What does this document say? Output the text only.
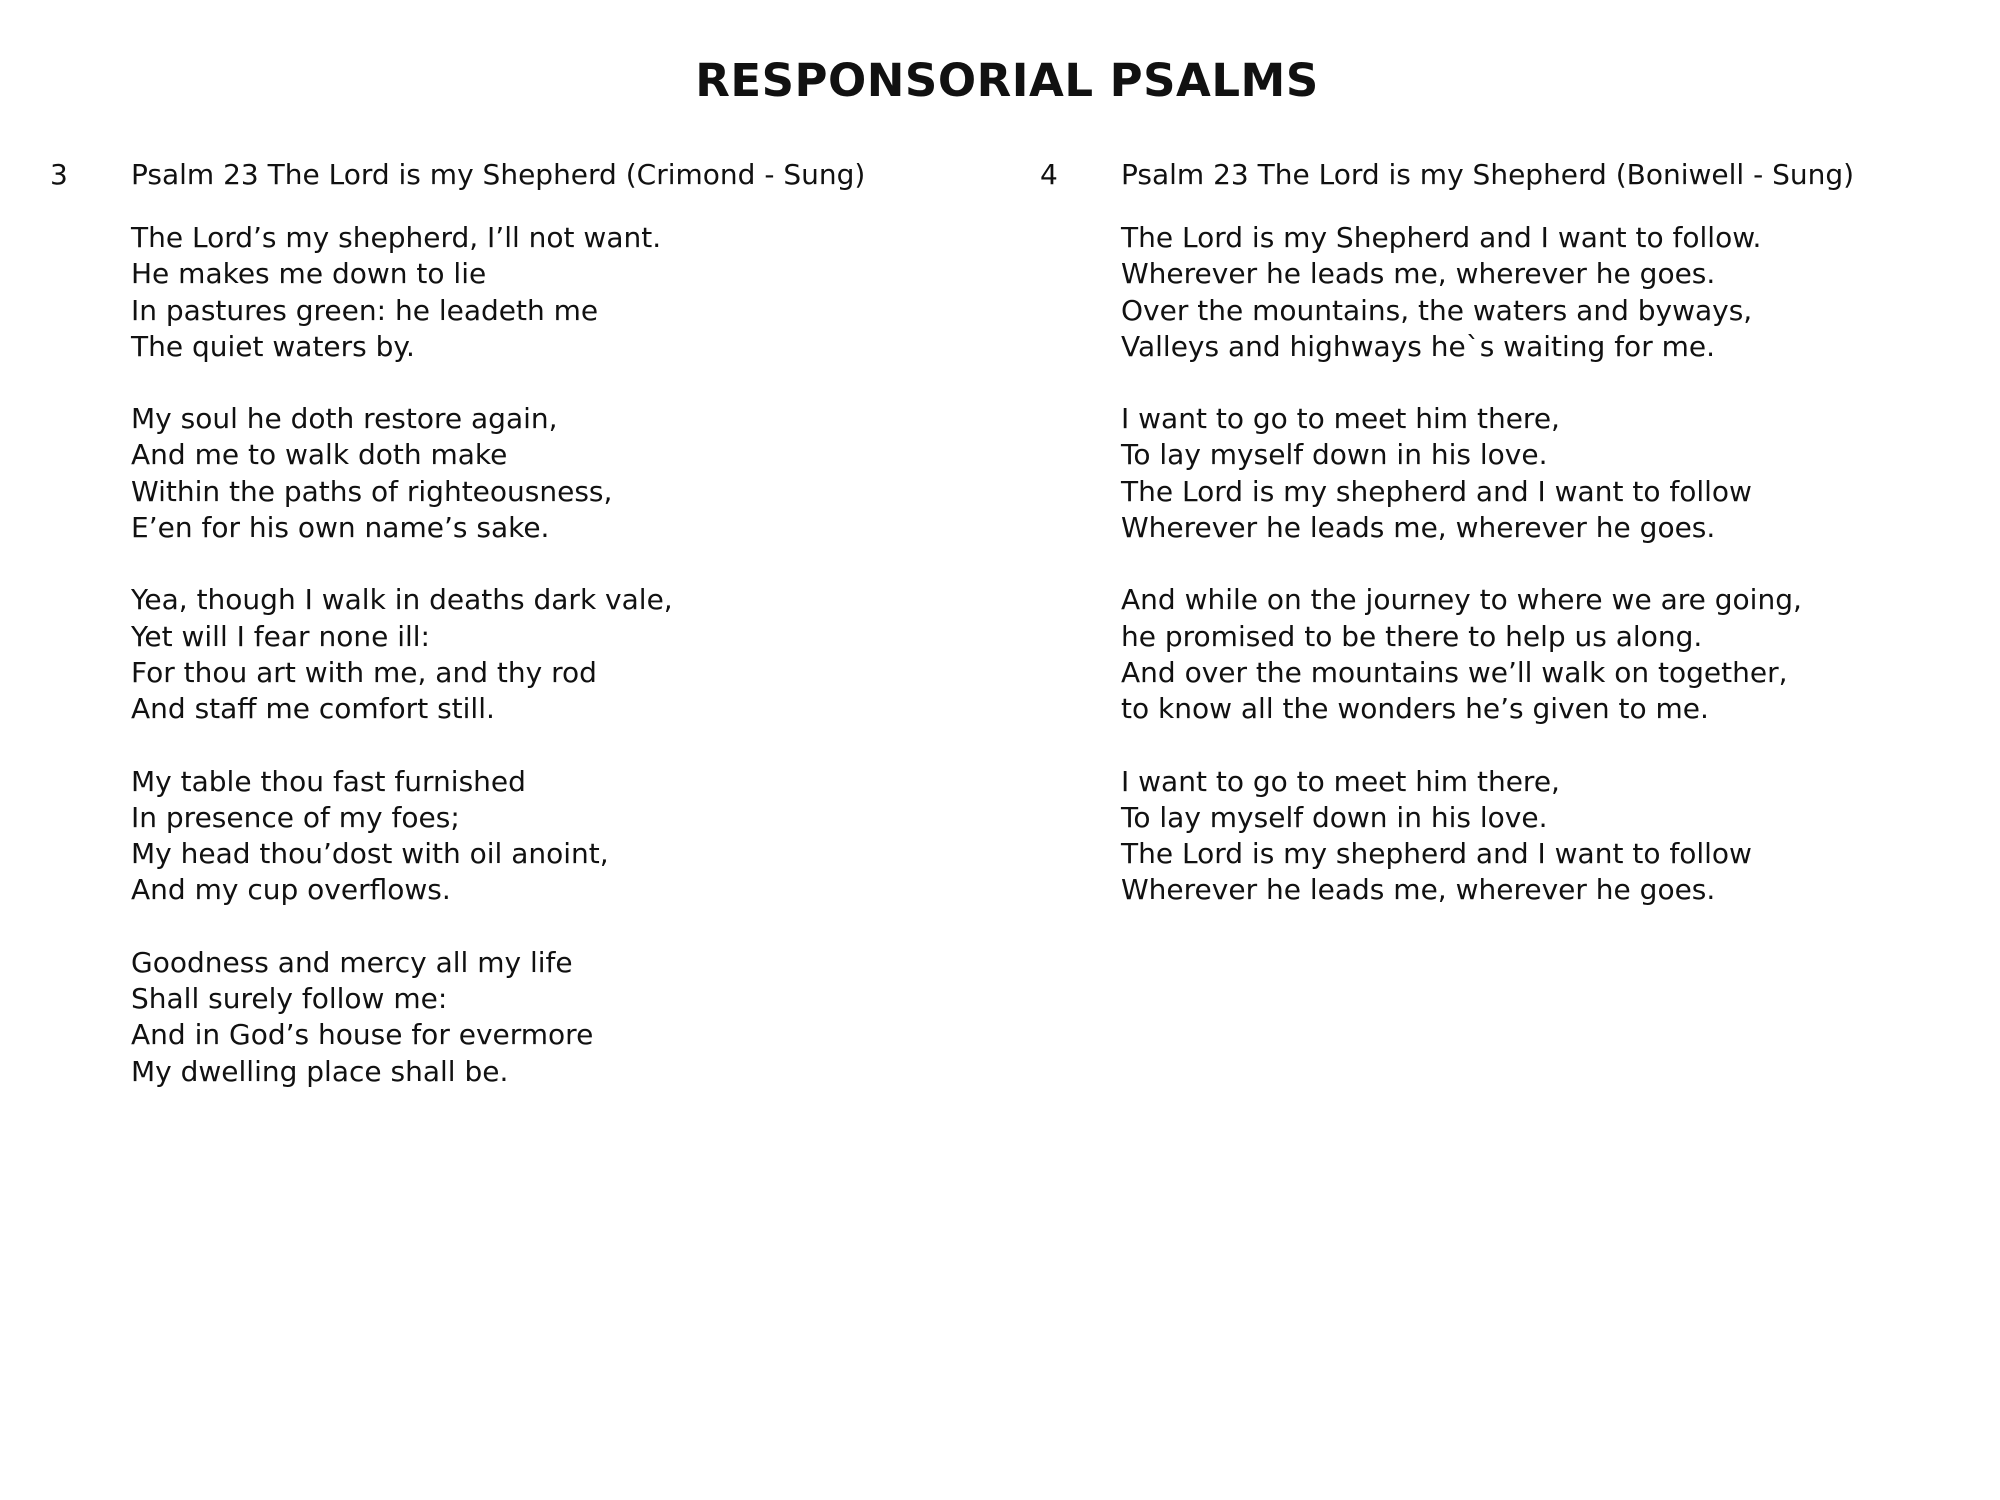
RESPONSORIAL PSALMS
3	Psalm 23 The Lord is my Shepherd (Crimond - Sung)
The Lord’s my shepherd, I’ll not want.
He makes me down to lie
In pastures green: he leadeth me
The quiet waters by.
My soul he doth restore again,
And me to walk doth make
Within the paths of righteousness,
E’en for his own name’s sake.
Yea, though I walk in deaths dark vale,
Yet will I fear none ill:
For thou art with me, and thy rod
And staff me comfort still.
My table thou fast furnished
In presence of my foes;
My head thou’dost with oil anoint,
And my cup overflows.
Goodness and mercy all my life
Shall surely follow me:
And in God’s house for evermore
My dwelling place shall be.
4	Psalm 23 The Lord is my Shepherd (Boniwell - Sung)
The Lord is my Shepherd and I want to follow.
Wherever he leads me, wherever he goes.
Over the mountains, the waters and byways,
Valleys and highways he`s waiting for me.
I want to go to meet him there,
To lay myself down in his love.
The Lord is my shepherd and I want to follow
Wherever he leads me, wherever he goes.
And while on the journey to where we are going,
he promised to be there to help us along.
And over the mountains we’ll walk on together,
to know all the wonders he’s given to me.
I want to go to meet him there,
To lay myself down in his love.
The Lord is my shepherd and I want to follow
Wherever he leads me, wherever he goes.
